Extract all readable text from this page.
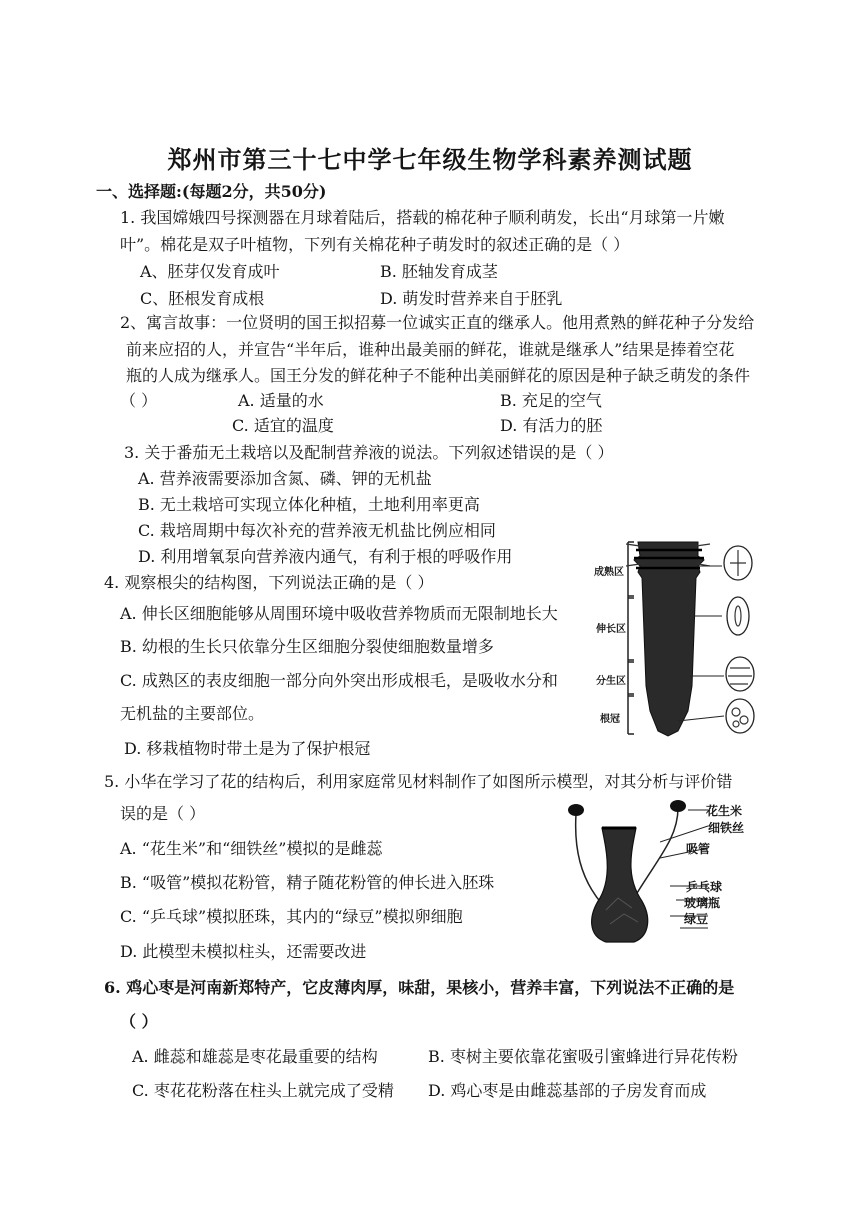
郑州市第三十七中学七年级生物学科素养测试题
一、选择题:(每题2分，共50分)
1. 我国嫦娥四号探测器在月球着陆后，搭载的棉花种子顺利萌发，长出“月球第一片嫩
叶”。棉花是双子叶植物，下列有关棉花种子萌发时的叙述正确的是（ ）
A、胚芽仅发育成叶	B. 胚轴发育成茎
C、胚根发育成根	D. 萌发时营养来自于胚乳
2、寓言故事：一位贤明的国王拟招募一位诚实正直的继承人。他用煮熟的鲜花种子分发给
前来应招的人，并宣告“半年后，谁种出最美丽的鲜花，谁就是继承人”结果是捧着空花
瓶的人成为继承人。国王分发的鲜花种子不能种出美丽鲜花的原因是种子缺乏萌发的条件
（ ）	A. 适量的水	B. 充足的空气
C. 适宜的温度	D. 有活力的胚
3. 关于番茄无土栽培以及配制营养液的说法。下列叙述错误的是（ ）
A. 营养液需要添加含氮、磷、钾的无机盐
B. 无土栽培可实现立体化种植，土地利用率更高
C. 栽培周期中每次补充的营养液无机盐比例应相同
D. 利用增氧泵向营养液内通气，有利于根的呼吸作用
4. 观察根尖的结构图，下列说法正确的是（ ）
A. 伸长区细胞能够从周围环境中吸收营养物质而无限制地长大
B. 幼根的生长只依靠分生区细胞分裂使细胞数量增多
C. 成熟区的表皮细胞一部分向外突出形成根毛，是吸收水分和
无机盐的主要部位。
D. 移栽植物时带土是为了保护根冠
成熟区
伸长区
分生区
根冠
5. 小华在学习了花的结构后，利用家庭常见材料制作了如图所示模型，对其分析与评价错
误的是（ ）
A. “花生米”和“细铁丝”模拟的是雌蕊
B. “吸管”模拟花粉管，精子随花粉管的伸长进入胚珠
C. “乒乓球”模拟胚珠，其内的“绿豆”模拟卵细胞
D. 此模型未模拟柱头，还需要改进
花生米
细铁丝
吸管
乒乓球
玻璃瓶
绿豆
6. 鸡心枣是河南新郑特产，它皮薄肉厚，味甜，果核小，营养丰富，下列说法不正确的是
（ ）
A. 雌蕊和雄蕊是枣花最重要的结构	B. 枣树主要依靠花蜜吸引蜜蜂进行异花传粉
C. 枣花花粉落在柱头上就完成了受精 D. 鸡心枣是由雌蕊基部的子房发育而成
